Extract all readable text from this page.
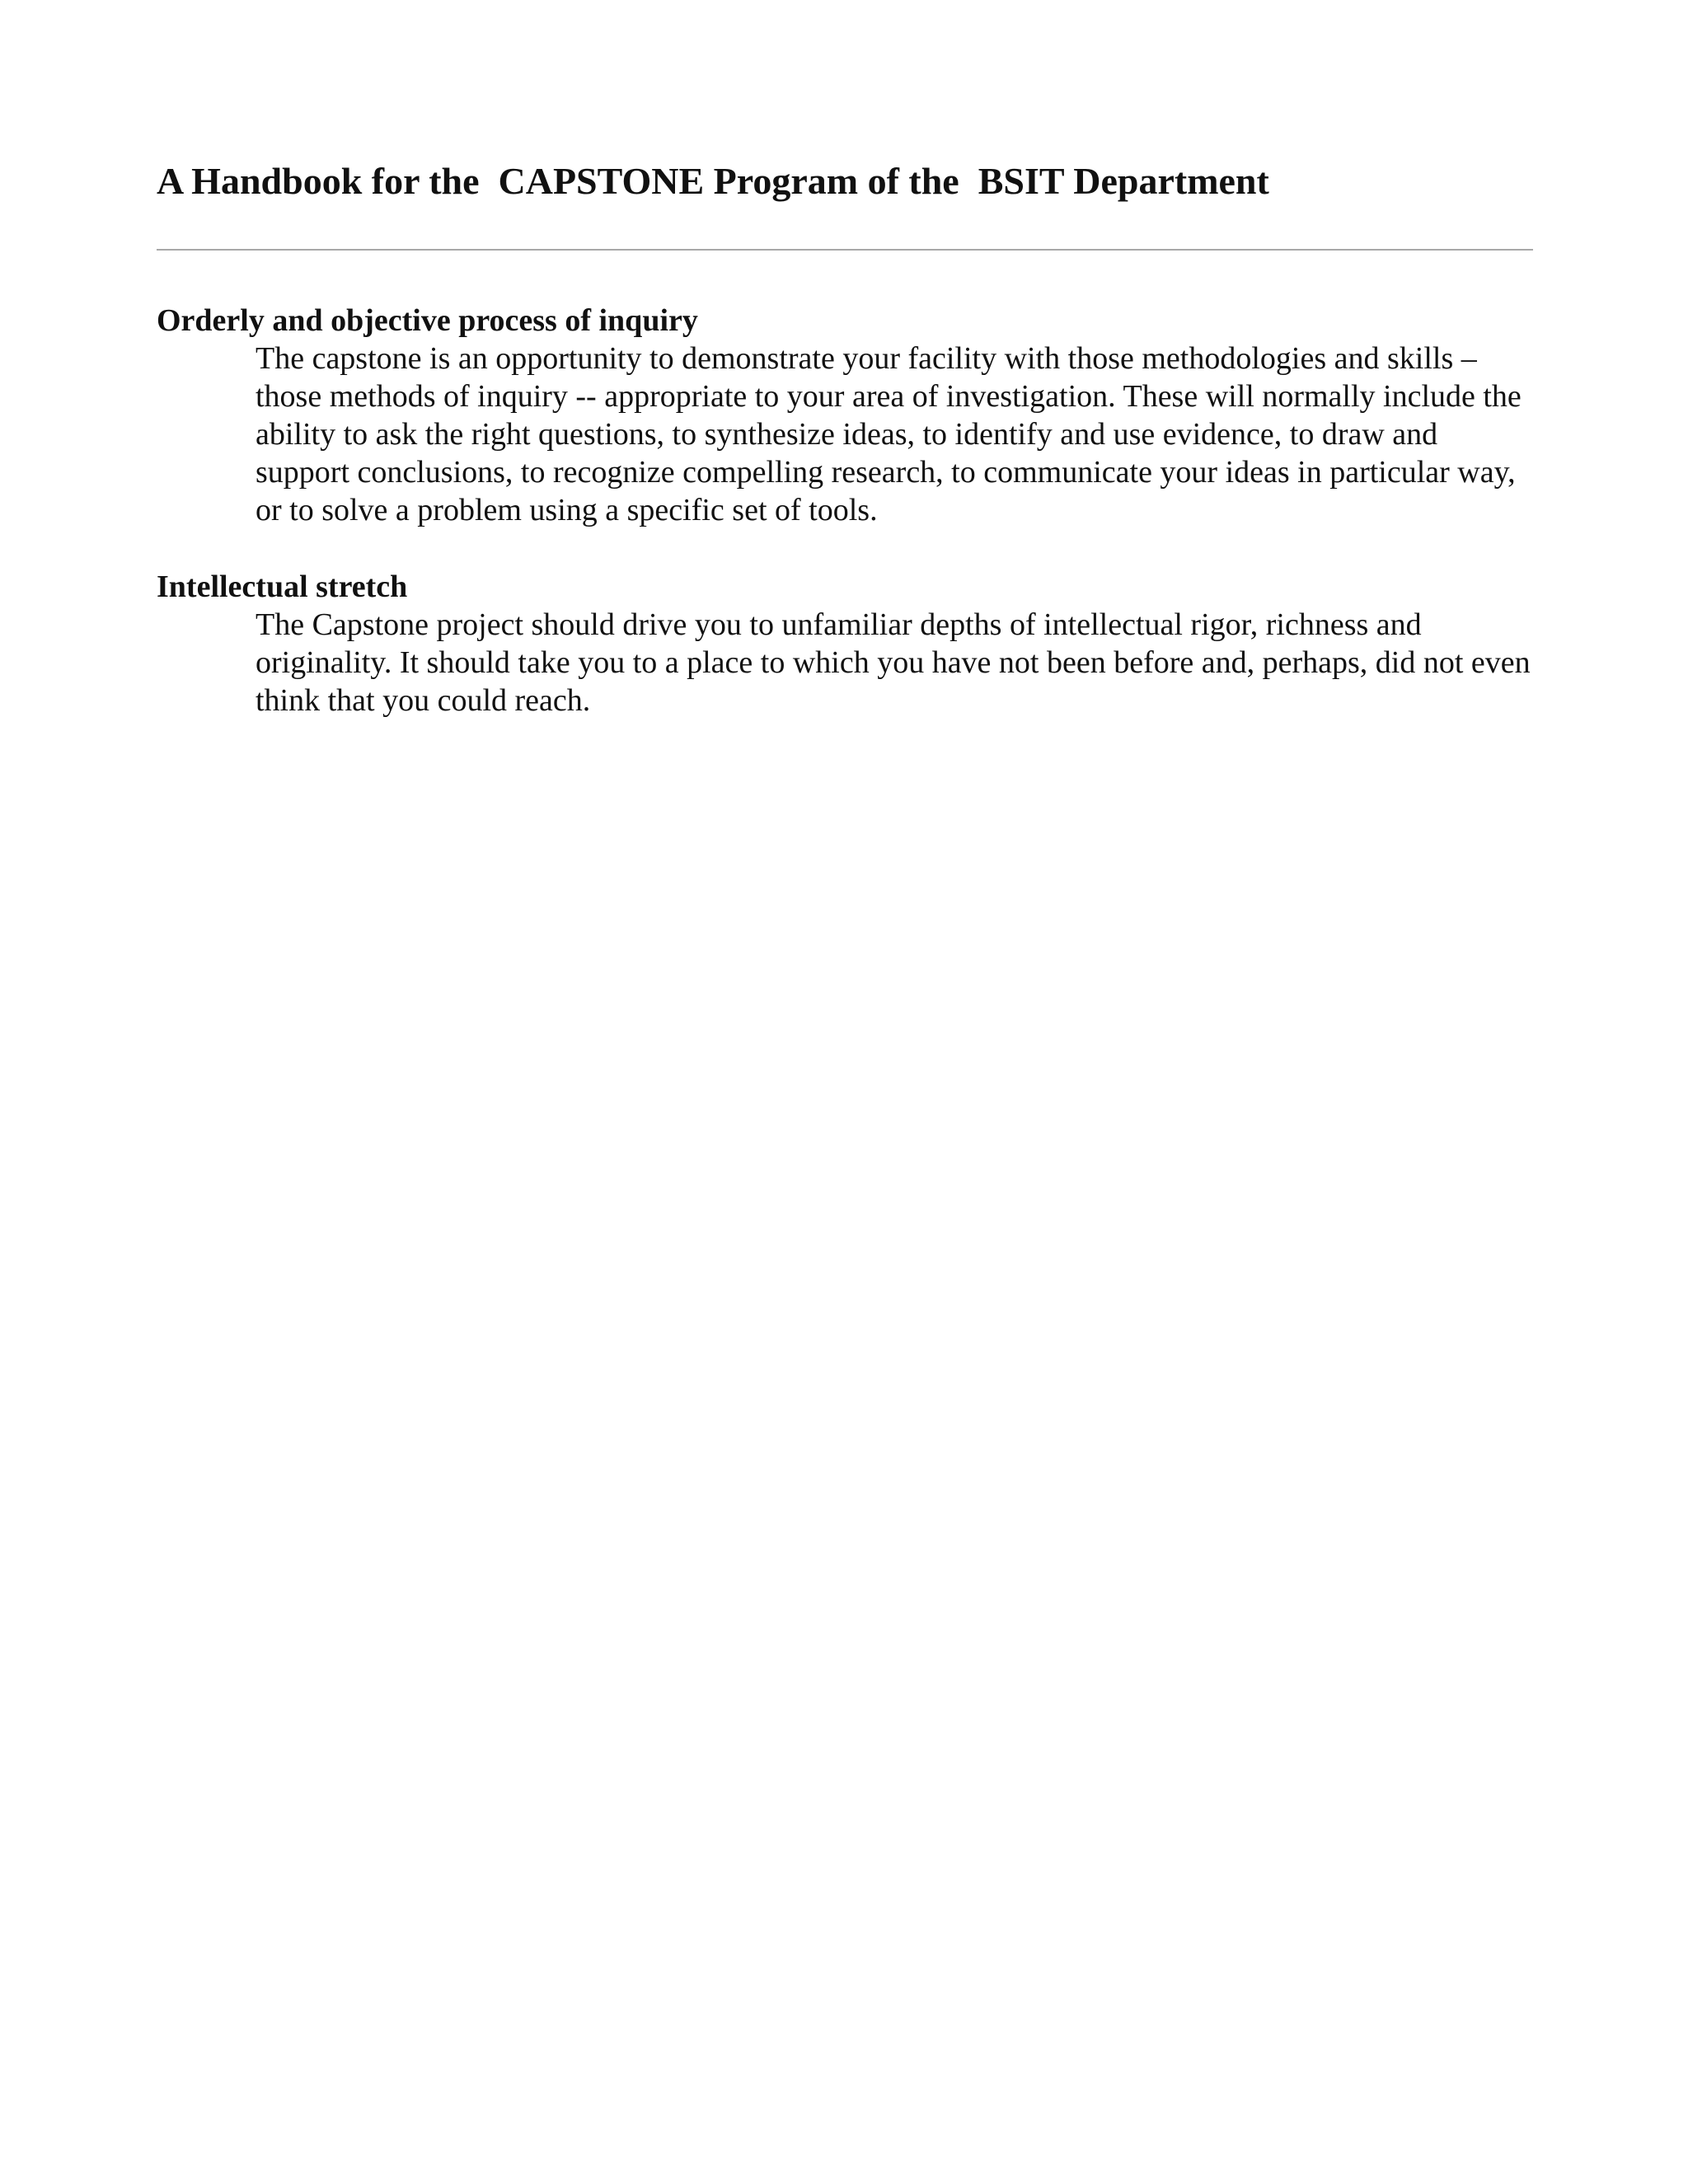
A Handbook for the  CAPSTONE Program of the  BSIT Department
Orderly and objective process of inquiry
The capstone is an opportunity to demonstrate your facility with those methodologies and skills – those methods of inquiry -- appropriate to your area of investigation. These will normally include the ability to ask the right questions, to synthesize ideas, to identify and use evidence, to draw and support conclusions, to recognize compelling research, to communicate your ideas in particular way, or to solve a problem using a specific set of tools.
Intellectual stretch
The Capstone project should drive you to unfamiliar depths of intellectual rigor, richness and originality. It should take you to a place to which you have not been before and, perhaps, did not even think that you could reach.
